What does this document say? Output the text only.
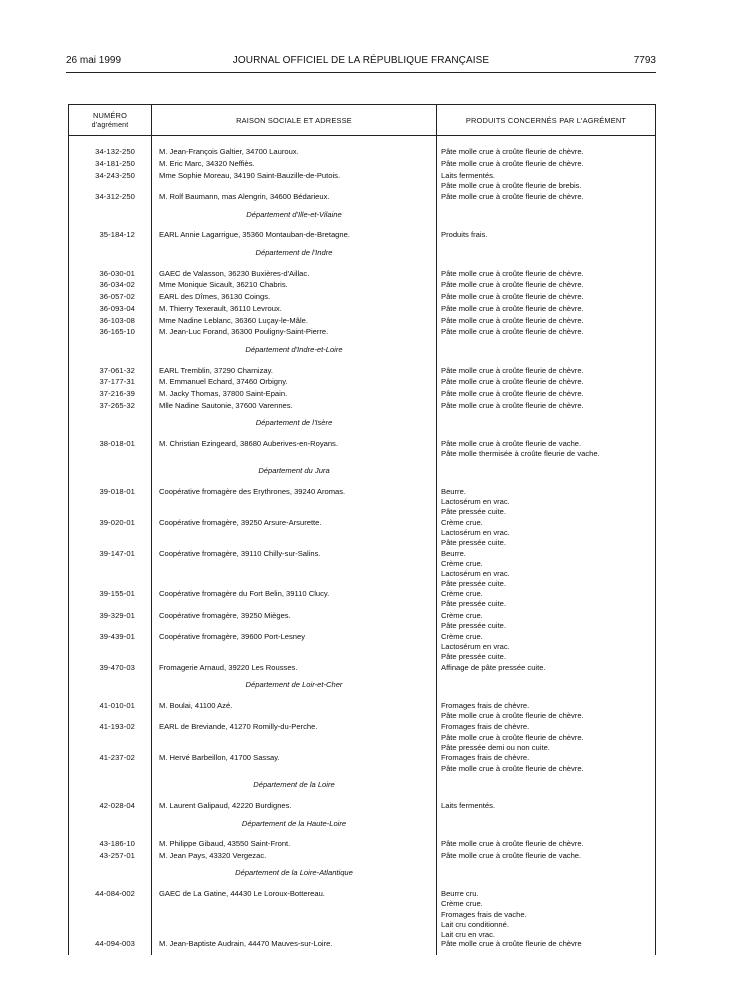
26 mai 1999	JOURNAL OFFICIEL DE LA RÉPUBLIQUE FRANÇAISE	7793
NUMÉRO
d'agrément
RAISON SOCIALE ET ADRESSE	PRODUITS CONCERNÉS PAR L'AGRÉMENT
34-132-250	M. Jean-François Galtier, 34700 Lauroux.	Pâte molle crue à croûte fleurie de chèvre.
34-181-250	M. Eric Marc, 34320 Neffiès.	Pâte molle crue à croûte fleurie de chèvre.
34-243-250	Mme Sophie Moreau, 34190 Saint-Bauzille-de-Putois.	Laits fermentés.
Pâte molle crue à croûte fleurie de brebis.
34-312-250	M. Rolf Baumann, mas Alengrin, 34600 Bédarieux.	Pâte molle crue à croûte fleurie de chèvre.
Département d'Ille-et-Vilaine
35-184-12	EARL Annie Lagarrigue, 35360 Montauban-de-Bretagne.	Produits frais.
Département de l'Indre
36-030-01	GAEC de Valasson, 36230 Buxières-d'Aillac.	Pâte molle crue à croûte fleurie de chèvre.
36-034-02	Mme Monique Sicault, 36210 Chabris.	Pâte molle crue à croûte fleurie de chèvre.
36-057-02	EARL des Dîmes, 36130 Coings.	Pâte molle crue à croûte fleurie de chèvre.
36-093-04	M. Thierry Texerault, 36110 Levroux.	Pâte molle crue à croûte fleurie de chèvre.
36-103-08	Mme Nadine Leblanc, 36360 Luçay-le-Mâle.	Pâte molle crue à croûte fleurie de chèvre.
36-165-10	M. Jean-Luc Forand, 36300 Pouligny-Saint-Pierre.	Pâte molle crue à croûte fleurie de chèvre.
Département d'Indre-et-Loire
37-061-32	EARL Tremblin, 37290 Charnizay.	Pâte molle crue à croûte fleurie de chèvre.
37-177-31	M. Emmanuel Echard, 37460 Orbigny.	Pâte molle crue à croûte fleurie de chèvre.
37-216-39	M. Jacky Thomas, 37800 Saint-Epain.	Pâte molle crue à croûte fleurie de chèvre.
37-265-32	Mlle Nadine Sautonie, 37600 Varennes.	Pâte molle crue à croûte fleurie de chèvre.
Département de l'Isère
38-018-01	M. Christian Ezingeard, 38680 Auberives-en-Royans.	Pâte molle crue à croûte fleurie de vache.
Pâte molle thermisée à croûte fleurie de vache.
Département du Jura
39-018-01	Coopérative fromagère des Erythrones, 39240 Aromas.	Beurre.
Lactosérum en vrac.
Pâte pressée cuite.
39-020-01	Coopérative fromagère, 39250 Arsure-Arsurette.	Crème crue.
Lactosérum en vrac.
Pâte pressée cuite.
39-147-01	Coopérative fromagère, 39110 Chilly-sur-Salins.	Beurre.
Crème crue.
Lactosérum en vrac.
Pâte pressée cuite.
39-155-01	Coopérative fromagère du Fort Belin, 39110 Clucy.	Crème crue.
Pâte pressée cuite.
39-329-01	Coopérative fromagère, 39250 Mièges.	Crème crue.
Pâte pressée cuite.
39-439-01	Coopérative fromagère, 39600 Port-Lesney	Crème crue.
Lactosérum en vrac.
Pâte pressée cuite.
39-470-03	Fromagerie Arnaud, 39220 Les Rousses.	Affinage de pâte pressée cuite.
Département de Loir-et-Cher
41-010-01	M. Boulai, 41100 Azé.	Fromages frais de chèvre.
Pâte molle crue à croûte fleurie de chèvre.
41-193-02	EARL de Breviande, 41270 Romilly-du-Perche.	Fromages frais de chèvre.
Pâte molle crue à croûte fleurie de chèvre.
Pâte pressée demi ou non cuite.
41-237-02	M. Hervé Barbeillon, 41700 Sassay.	Fromages frais de chèvre.
Pâte molle crue à croûte fleurie de chèvre.
Département de la Loire
42-028-04	M. Laurent Galipaud, 42220 Burdignes.	Laits fermentés.
Département de la Haute-Loire
43-186-10	M. Philippe Gibaud, 43550 Saint-Front.	Pâte molle crue à croûte fleurie de chèvre.
43-257-01	M. Jean Pays, 43320 Vergezac.	Pâte molle crue à croûte fleurie de vache.
Département de la Loire-Atlantique
44-084-002	GAEC de La Gatine, 44430 Le Loroux-Bottereau.	Beurre cru.
Crème crue.
Fromages frais de vache.
Lait cru conditionné.
Lait cru en vrac.
44-094-003	M. Jean-Baptiste Audrain, 44470 Mauves-sur-Loire.	Pâte molle crue à croûte fleurie de chèvre
